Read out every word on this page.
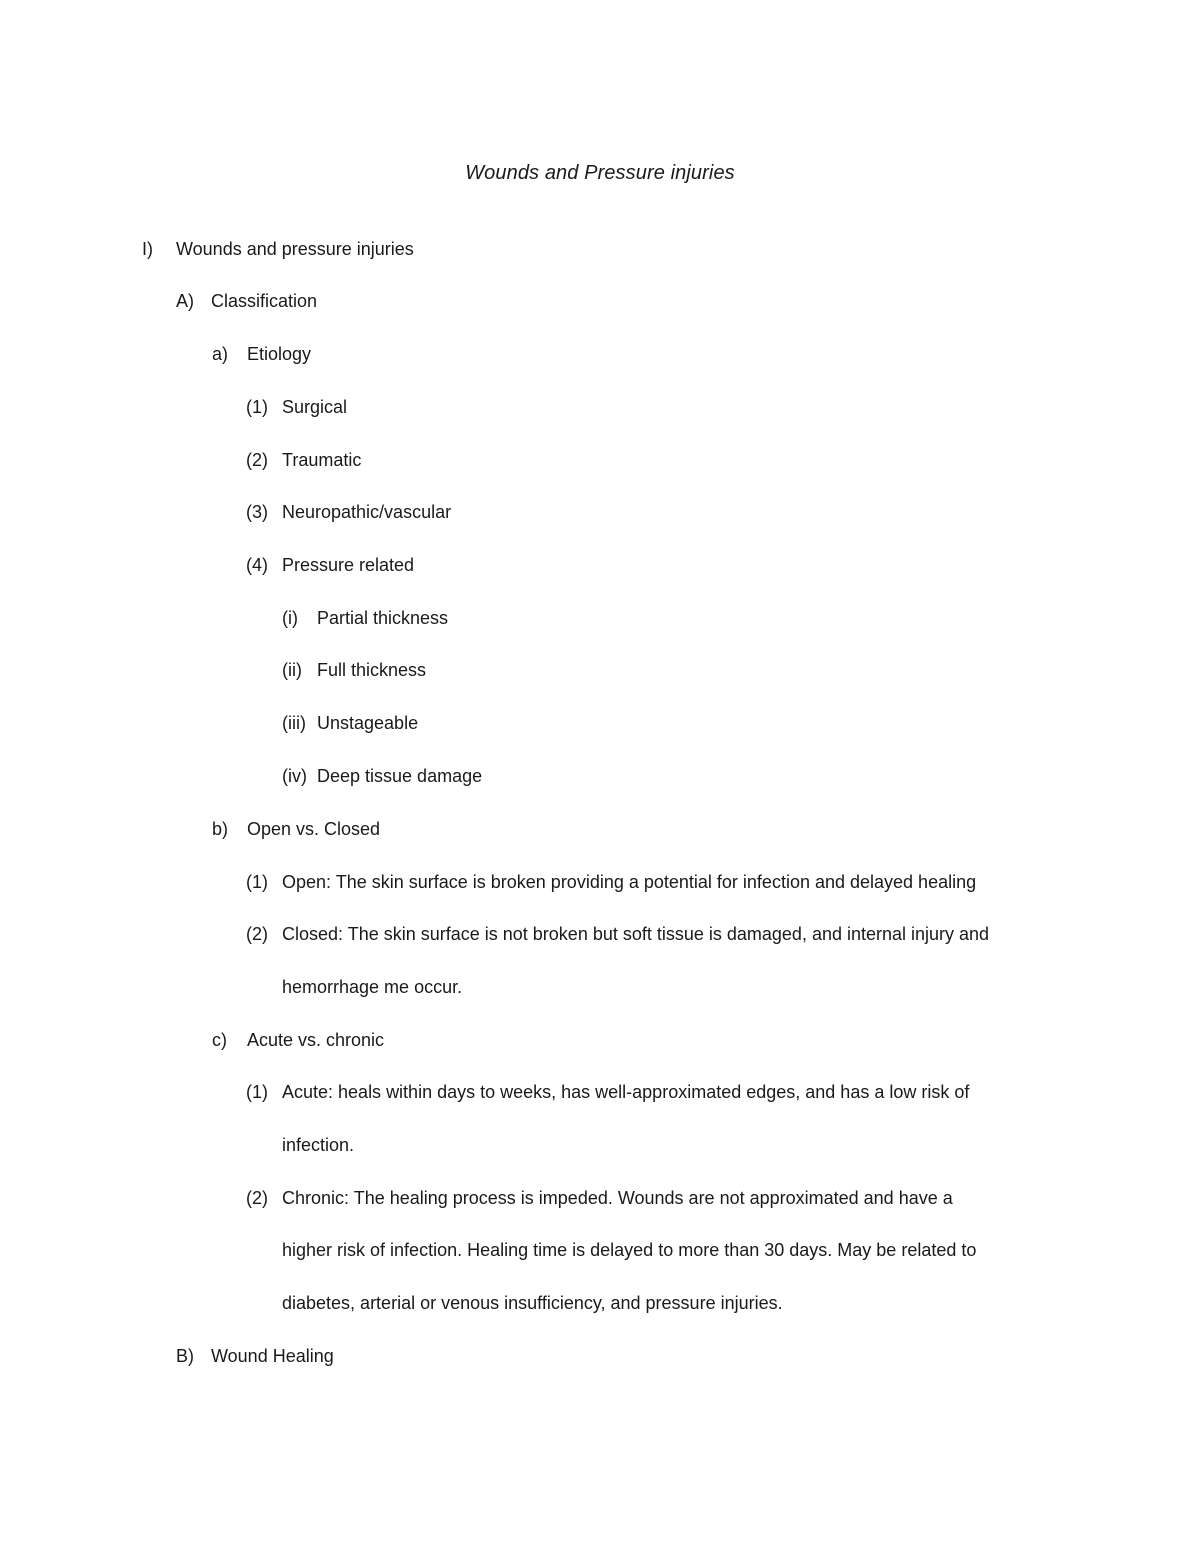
Wounds and Pressure injuries
I) Wounds and pressure injuries
A) Classification
a) Etiology
(1) Surgical
(2) Traumatic
(3) Neuropathic/vascular
(4) Pressure related
(i) Partial thickness
(ii) Full thickness
(iii) Unstageable
(iv) Deep tissue damage
b) Open vs. Closed
(1) Open: The skin surface is broken providing a potential for infection and delayed healing
(2) Closed: The skin surface is not broken but soft tissue is damaged, and internal injury and
hemorrhage me occur.
c) Acute vs. chronic
(1) Acute: heals within days to weeks, has well-approximated edges, and has a low risk of
infection.
(2) Chronic: The healing process is impeded. Wounds are not approximated and have a
higher risk of infection. Healing time is delayed to more than 30 days. May be related to
diabetes, arterial or venous insufficiency, and pressure injuries.
B) Wound Healing
